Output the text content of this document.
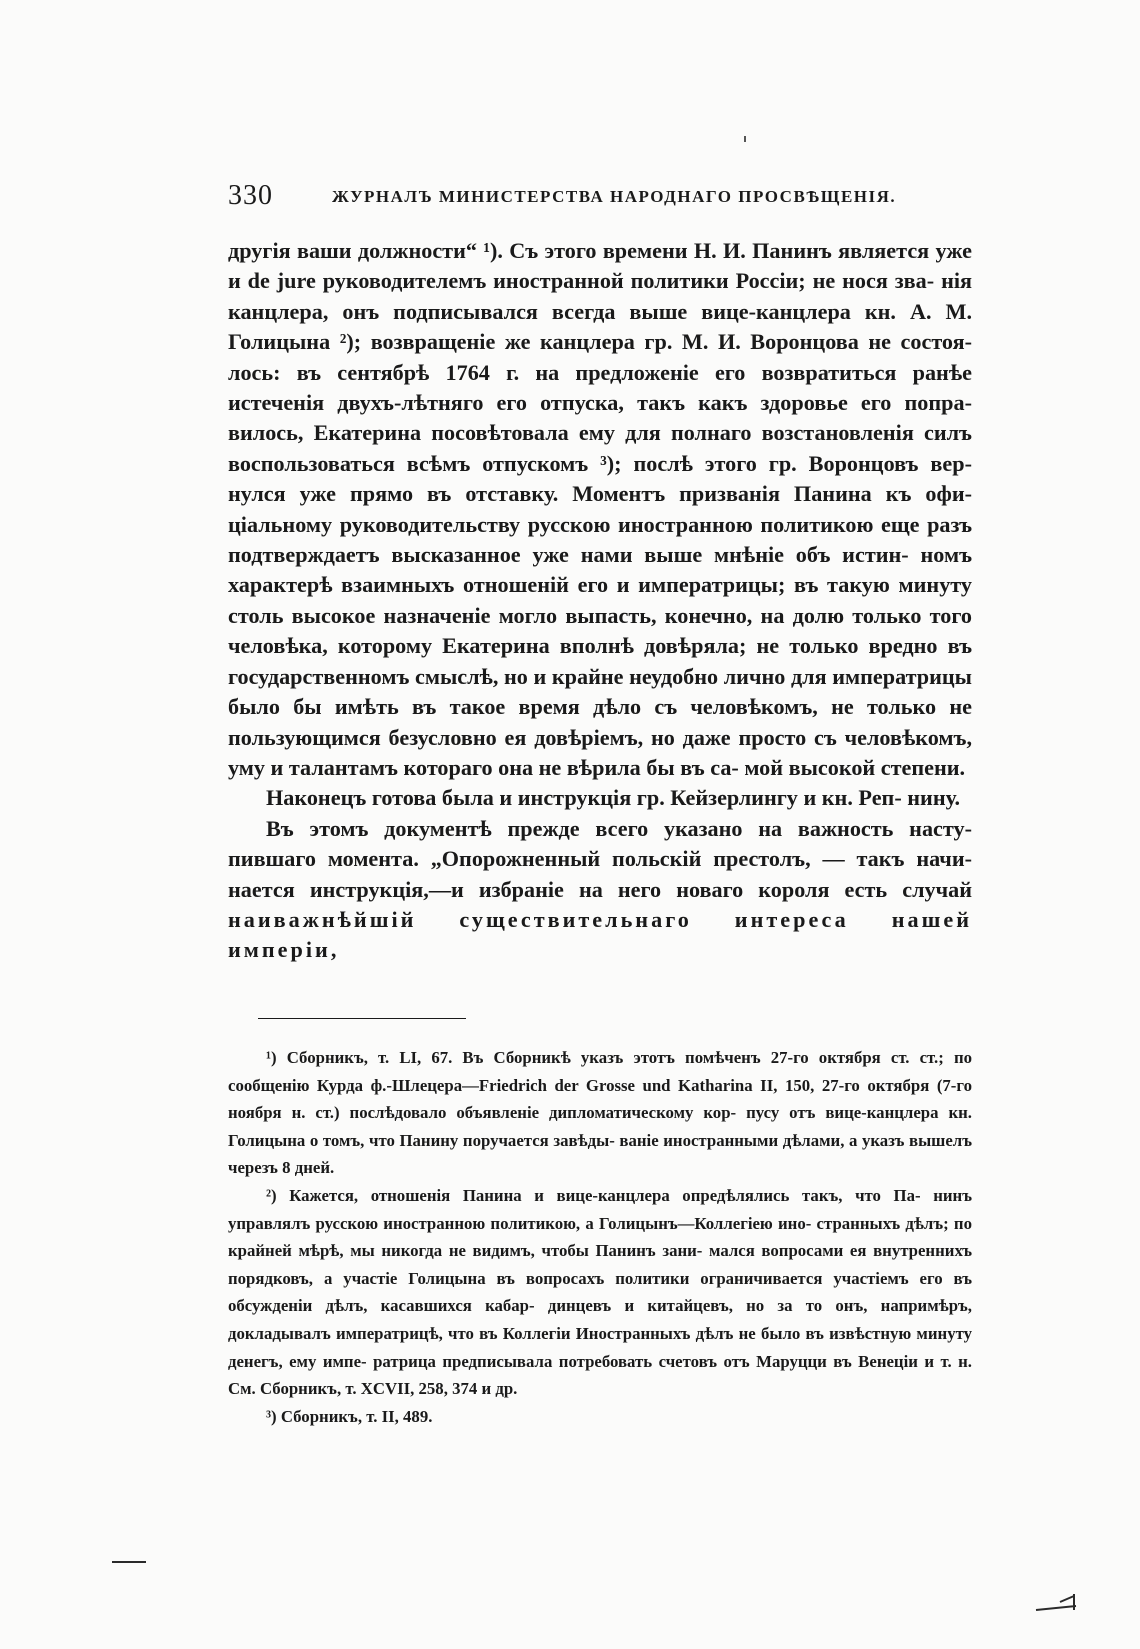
330	ЖУРНАЛЪ МИНИСТЕРСТВА НАРОДНАГО ПРОСВѢЩЕНІЯ.

другія ваши должности“ ¹). Съ этого времени Н. И. Панинъ является уже и de jure руководителемъ иностранной политики Россіи; не нося зва- нія канцлера, онъ подписывался всегда выше вице-канцлера кн. А. М. Голицына ²); возвращеніе же канцлера гр. М. И. Воронцова не состоя- лось: въ сентябрѣ 1764 г. на предложеніе его возвратиться ранѣе истеченія двухъ-лѣтняго его отпуска, такъ какъ здоровье его попра- вилось, Екатерина посовѣтовала ему для полнаго возстановленія силъ воспользоваться всѣмъ отпускомъ ³); послѣ этого гр. Воронцовъ вер- нулся уже прямо въ отставку. Моментъ призванія Панина къ офи- ціальному руководительству русскою иностранною политикою еще разъ подтверждаетъ высказанное уже нами выше мнѣніе объ истин- номъ характерѣ взаимныхъ отношеній его и императрицы; въ такую минуту столь высокое назначеніе могло выпасть, конечно, на долю только того человѣка, которому Екатерина вполнѣ довѣряла; не только вредно въ государственномъ смыслѣ, но и крайне неудобно лично для императрицы было бы имѣть въ такое время дѣло съ человѣкомъ, не только не пользующимся безусловно ея довѣріемъ, но даже просто съ человѣкомъ, уму и талантамъ котораго она не вѣрила бы въ са- мой высокой степени.

Наконецъ готова была и инструкція гр. Кейзерлингу и кн. Реп- нину.

Въ этомъ документѣ прежде всего указано на важность насту- пившаго момента. „Опорожненный польскій престолъ, — такъ начи- нается инструкція,—и избраніе на него новаго короля есть случай наиважнѣйшій существительнаго интереса нашей имперіи,

¹) Сборникъ, т. LI, 67. Въ Сборникѣ указъ этотъ помѣченъ 27-го октября ст. ст.; по сообщенію Курда ф.-Шлецера—Friedrich der Grosse und Katharina II, 150, 27-го октября (7-го ноября н. ст.) послѣдовало объявленіе дипломатическому кор- пусу отъ вице-канцлера кн. Голицына о томъ, что Панину поручается завѣды- ваніе иностранными дѣлами, а указъ вышелъ черезъ 8 дней.

²) Кажется, отношенія Панина и вице-канцлера опредѣлялись такъ, что Па- нинъ управлялъ русскою иностранною политикою, а Голицынъ—Коллегіею ино- странныхъ дѣлъ; по крайней мѣрѣ, мы никогда не видимъ, чтобы Панинъ зани- мался вопросами ея внутреннихъ порядковъ, а участіе Голицына въ вопросахъ политики ограничивается участіемъ его въ обсужденіи дѣлъ, касавшихся кабар- динцевъ и китайцевъ, но за то онъ, напримѣръ, докладывалъ императрицѣ, что въ Коллегіи Иностранныхъ дѣлъ не было въ извѣстную минуту денегъ, ему импе- ратрица предписывала потребовать счетовъ отъ Маруцци въ Венеціи и т. н. См. Сборникъ, т. XCVII, 258, 374 и др.

³) Сборникъ, т. II, 489.
